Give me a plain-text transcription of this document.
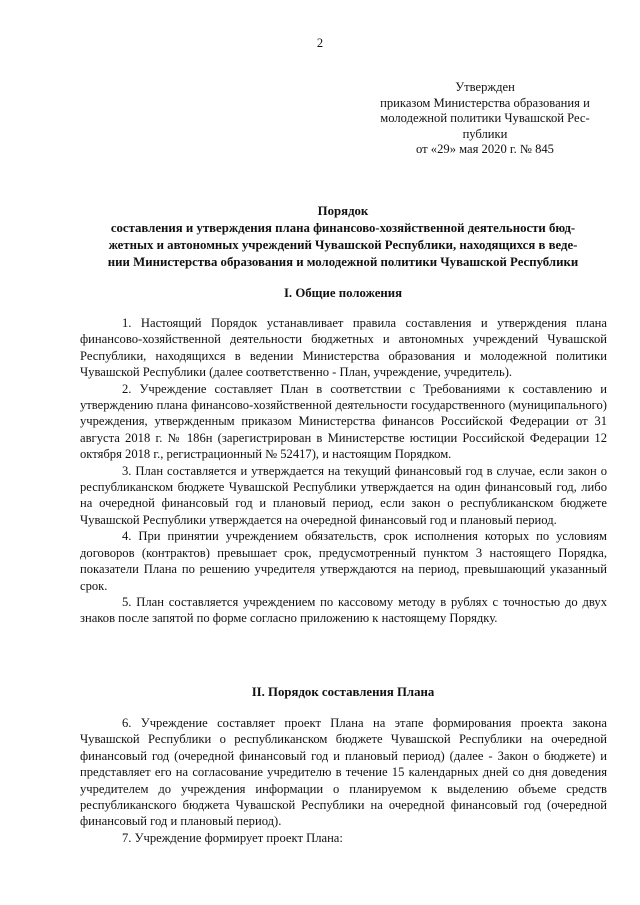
2
Утвержден
приказом Министерства образования и
молодежной политики Чувашской Рес-
публики
от «29» мая 2020 г. № 845
Порядок
составления и утверждения плана финансово-хозяйственной деятельности бюд-
жетных и автономных учреждений Чувашской Республики, находящихся в веде-
нии Министерства образования и молодежной политики Чувашской Республики
I. Общие положения

1. Настоящий Порядок устанавливает правила составления и утверждения плана финансово-хозяйственной деятельности бюджетных и автономных учреждений Чувашской Республики, находящихся в ведении Министерства образования и молодежной политики Чувашской Республики (далее соответственно - План, учреждение, учредитель).

2. Учреждение составляет План в соответствии с Требованиями к составлению и утверждению плана финансово-хозяйственной деятельности государственного (муниципального) учреждения, утвержденным приказом Министерства финансов Российской Федерации от 31 августа 2018 г. № 186н (зарегистрирован в Министерстве юстиции Российской Федерации 12 октября 2018 г., регистрационный № 52417), и настоящим Порядком.

3. План составляется и утверждается на текущий финансовый год в случае, если закон о республиканском бюджете Чувашской Республики утверждается на один финансовый год, либо на очередной финансовый год и плановый период, если закон о республиканском бюджете Чувашской Республики утверждается на очередной финансовый год и плановый период.

4. При принятии учреждением обязательств, срок исполнения которых по условиям договоров (контрактов) превышает срок, предусмотренный пунктом 3 настоящего Порядка, показатели Плана по решению учредителя утверждаются на период, превышающий указанный срок.

5. План составляется учреждением по кассовому методу в рублях с точностью до двух знаков после запятой по форме согласно приложению к настоящему Порядку.

II. Порядок составления Плана

6. Учреждение составляет проект Плана на этапе формирования проекта закона Чувашской Республики о республиканском бюджете Чувашской Республики на очередной финансовый год (очередной финансовый год и плановый период) (далее - Закон о бюджете) и представляет его на согласование учредителю в течение 15 календарных дней со дня доведения учредителем до учреждения информации о планируемом к выделению объеме средств республиканского бюджета Чувашской Республики на очередной финансовый год (очередной финансовый год и плановый период).

7. Учреждение формирует проект Плана:
